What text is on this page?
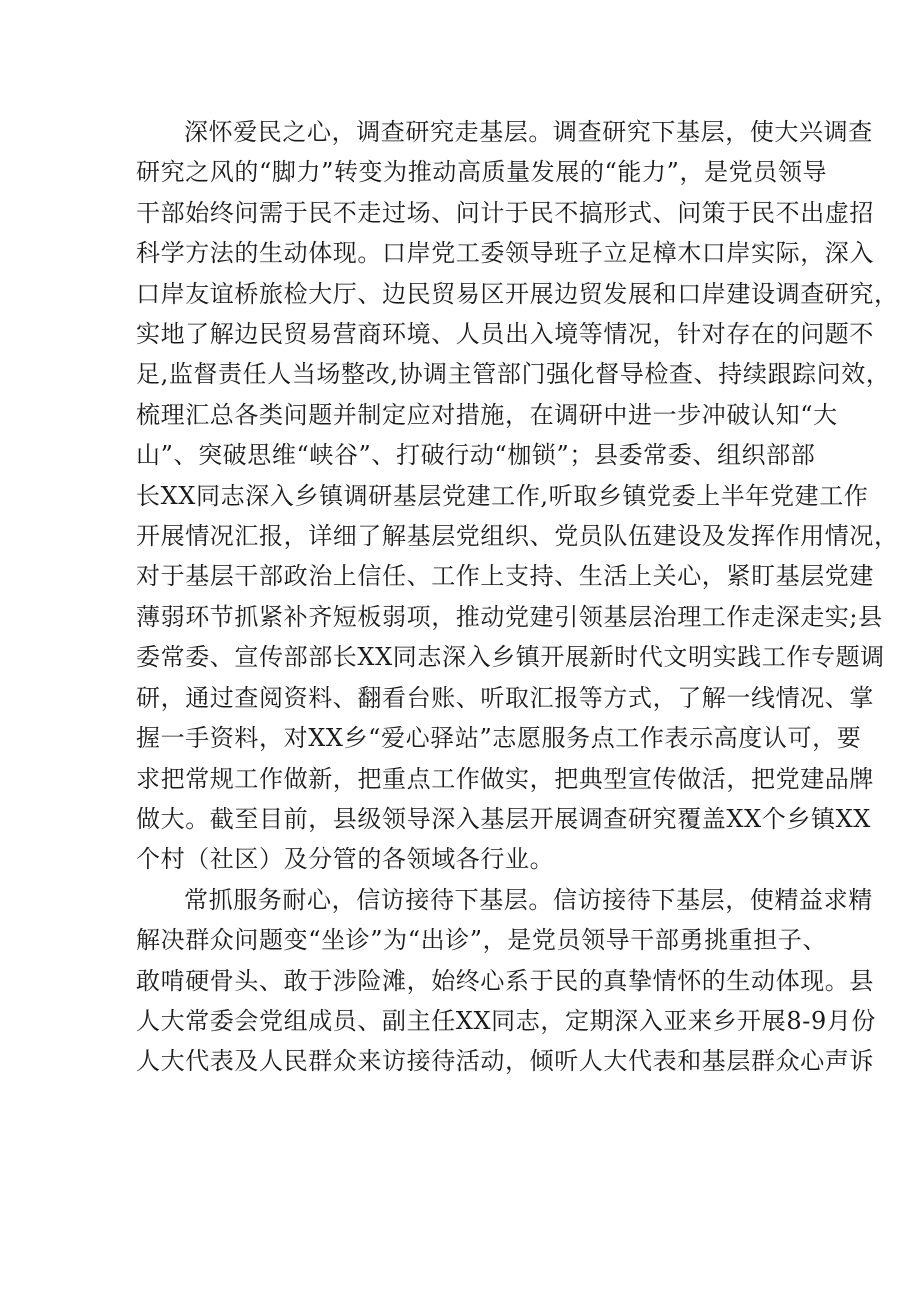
深怀爱民之心，调查研究走基层。调查研究下基层，使大兴调查
研究之风的“脚力”转变为推动高质量发展的“能力”，是党员领导
干部始终问需于民不走过场、问计于民不搞形式、问策于民不出虚招
科学方法的生动体现。口岸党工委领导班子立足樟木口岸实际，深入
口岸友谊桥旅检大厅、边民贸易区开展边贸发展和口岸建设调查研究，
实地了解边民贸易营商环境、人员出入境等情况，针对存在的问题不
足,监督责任人当场整改,协调主管部门强化督导检查、持续跟踪问效，
梳理汇总各类问题并制定应对措施，在调研中进一步冲破认知“大
山”、突破思维“峡谷”、打破行动“枷锁”；县委常委、组织部部
长XX同志深入乡镇调研基层党建工作,听取乡镇党委上半年党建工作
开展情况汇报，详细了解基层党组织、党员队伍建设及发挥作用情况，
对于基层干部政治上信任、工作上支持、生活上关心，紧盯基层党建
薄弱环节抓紧补齐短板弱项，推动党建引领基层治理工作走深走实;县
委常委、宣传部部长XX同志深入乡镇开展新时代文明实践工作专题调
研，通过查阅资料、翻看台账、听取汇报等方式，了解一线情况、掌
握一手资料，对XX乡“爱心驿站”志愿服务点工作表示高度认可，要
求把常规工作做新，把重点工作做实，把典型宣传做活，把党建品牌
做大。截至目前，县级领导深入基层开展调查研究覆盖XX个乡镇XX
个村（社区）及分管的各领域各行业。

常抓服务耐心，信访接待下基层。信访接待下基层，使精益求精
解决群众问题变“坐诊”为“出诊”，是党员领导干部勇挑重担子、
敢啃硬骨头、敢于涉险滩，始终心系于民的真挚情怀的生动体现。县
人大常委会党组成员、副主任XX同志，定期深入亚来乡开展8-9月份
人大代表及人民群众来访接待活动，倾听人大代表和基层群众心声诉
